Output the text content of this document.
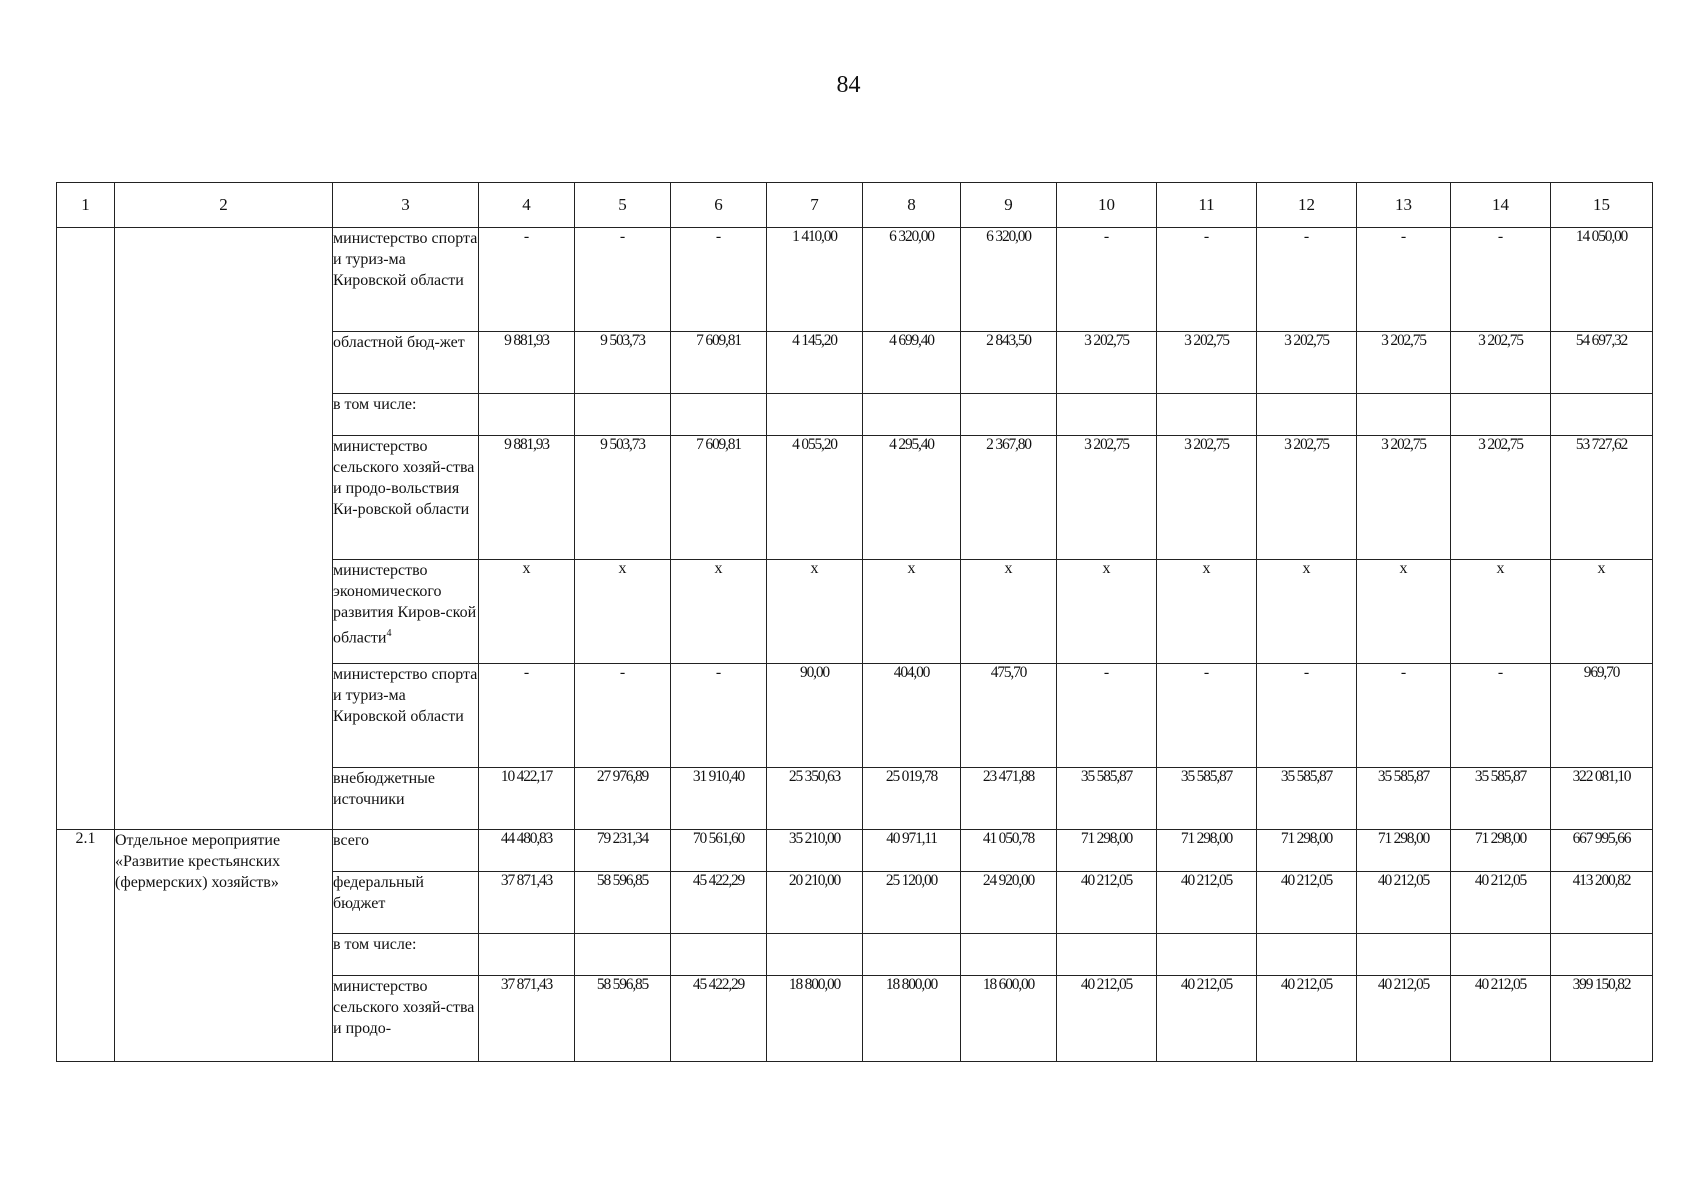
84
1	2	3	4	5	6	7	8	9	10	11	12	13	14	15
		министерство спорта и туриз-ма Кировской области	-	-	-	1 410,00	6 320,00	6 320,00	-	-	-	-	-	14 050,00
		областной бюд-жет	9 881,93	9 503,73	7 609,81	4 145,20	4 699,40	2 843,50	3 202,75	3 202,75	3 202,75	3 202,75	3 202,75	54 697,32
		в том числе:												
		министерство сельского хозяй-ства и продо-вольствия Ки-ровской области	9 881,93	9 503,73	7 609,81	4 055,20	4 295,40	2 367,80	3 202,75	3 202,75	3 202,75	3 202,75	3 202,75	53 727,62
		министерство экономического развития Киров-ской области$^4$	x	x	x	x	x	x	x	x	x	x	x	x
		министерство спорта и туриз-ма Кировской области	-	-	-	90,00	404,00	475,70	-	-	-	-	-	969,70
		внебюджетные источники	10 422,17	27 976,89	31 910,40	25 350,63	25 019,78	23 471,88	35 585,87	35 585,87	35 585,87	35 585,87	35 585,87	322 081,10
2.1	Отдельное мероприятие «Развитие крестьянских (фермерских) хозяйств»	всего	44 480,83	79 231,34	70 561,60	35 210,00	40 971,11	41 050,78	71 298,00	71 298,00	71 298,00	71 298,00	71 298,00	667 995,66
		федеральный бюджет	37 871,43	58 596,85	45 422,29	20 210,00	25 120,00	24 920,00	40 212,05	40 212,05	40 212,05	40 212,05	40 212,05	413 200,82
		в том числе:												
		министерство сельского хозяй-ства и продо-	37 871,43	58 596,85	45 422,29	18 800,00	18 800,00	18 600,00	40 212,05	40 212,05	40 212,05	40 212,05	40 212,05	399 150,82
